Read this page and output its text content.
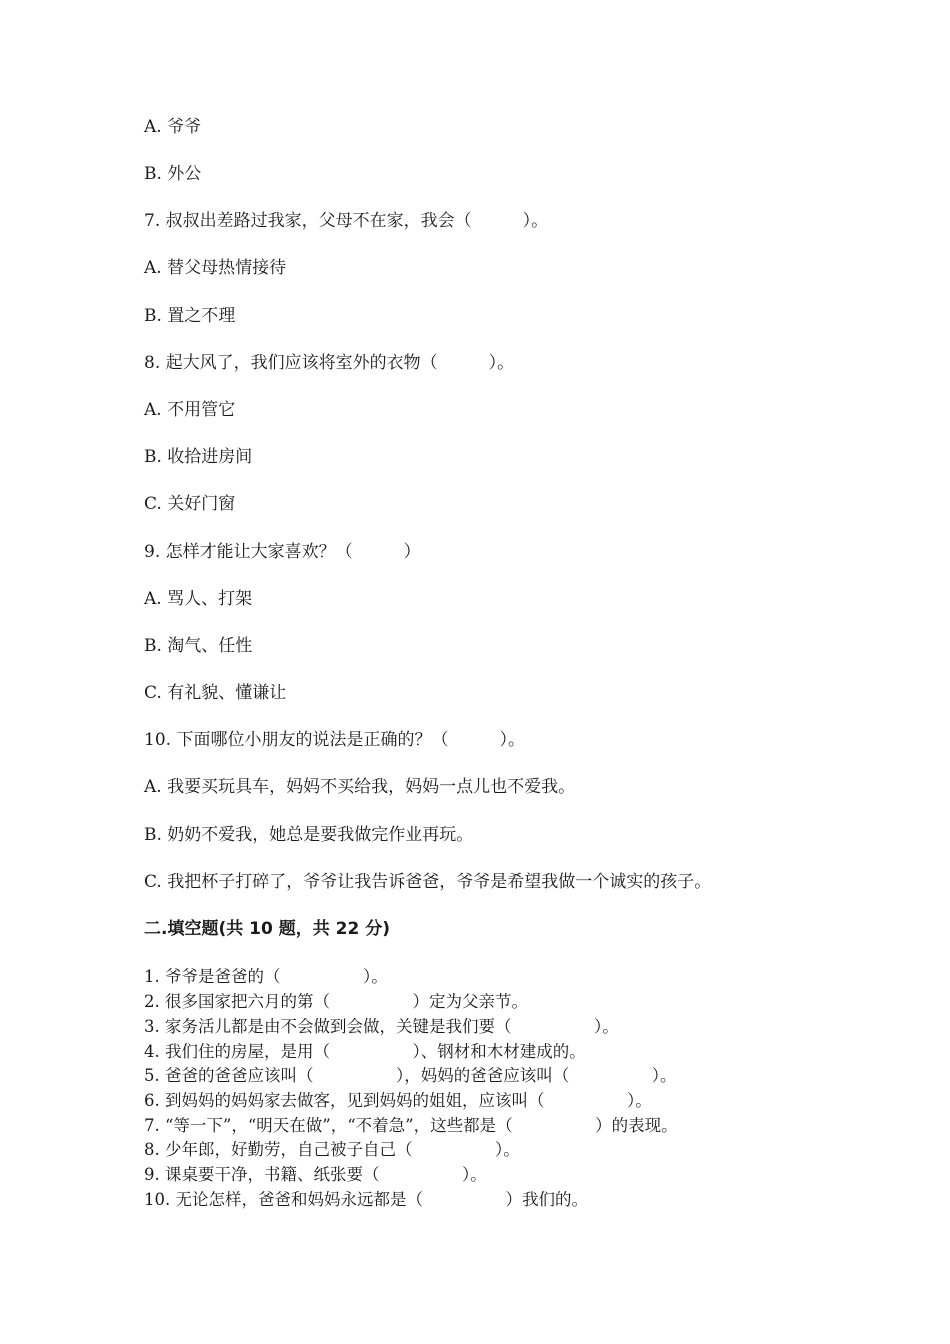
A. 爷爷
B. 外公
7. 叔叔出差路过我家，父母不在家，我会（　　　）。
A. 替父母热情接待
B. 置之不理
8. 起大风了，我们应该将室外的衣物（　　　）。
A. 不用管它
B. 收拾进房间
C. 关好门窗
9. 怎样才能让大家喜欢？（　　　）
A. 骂人、打架
B. 淘气、任性
C. 有礼貌、懂谦让
10. 下面哪位小朋友的说法是正确的？（　　　）。
A. 我要买玩具车，妈妈不买给我，妈妈一点儿也不爱我。
B. 奶奶不爱我，她总是要我做完作业再玩。
C. 我把杯子打碎了，爷爷让我告诉爸爸，爷爷是希望我做一个诚实的孩子。
二.填空题(共 10 题，共 22 分)
1. 爷爷是爸爸的（　　　　　）。
2. 很多国家把六月的第（　　　　　）定为父亲节。
3. 家务活儿都是由不会做到会做，关键是我们要（　　　　　）。
4. 我们住的房屋，是用（　　　　　）、钢材和木材建成的。
5. 爸爸的爸爸应该叫（　　　　　），妈妈的爸爸应该叫（　　　　　）。
6. 到妈妈的妈妈家去做客，见到妈妈的姐姐，应该叫（　　　　　）。
7. “等一下”，“明天在做”，“不着急”，这些都是（　　　　　）的表现。
8. 少年郎，好勤劳，自己被子自己（　　　　　）。
9. 课桌要干净，书籍、纸张要（　　　　　）。
10. 无论怎样，爸爸和妈妈永远都是（　　　　　）我们的。
